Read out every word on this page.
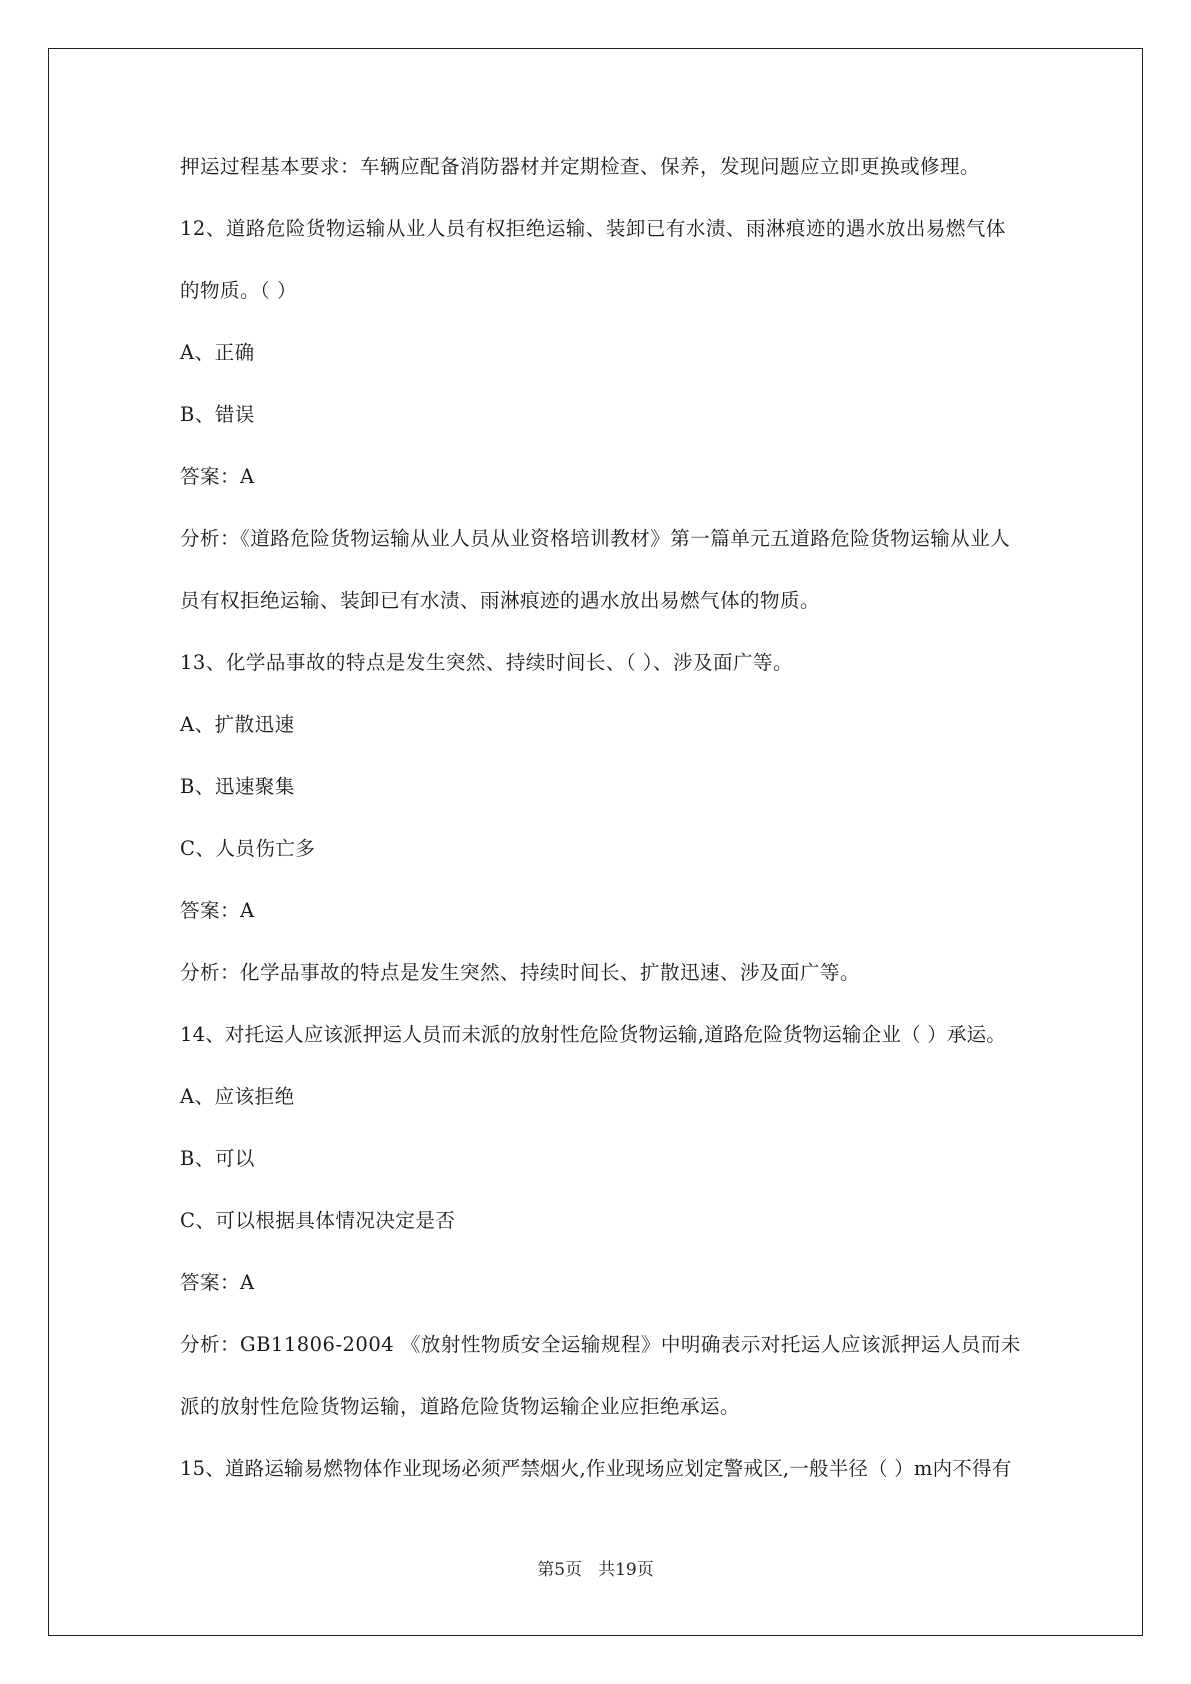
押运过程基本要求：车辆应配备消防器材并定期检查、保养，发现问题应立即更换或修理。
12、道路危险货物运输从业人员有权拒绝运输、装卸已有水渍、雨淋痕迹的遇水放出易燃气体
的物质。（ ）
A、正确
B、错误
答案：A
分析：《道路危险货物运输从业人员从业资格培训教材》第一篇单元五道路危险货物运输从业人
员有权拒绝运输、装卸已有水渍、雨淋痕迹的遇水放出易燃气体的物质。
13、化学品事故的特点是发生突然、持续时间长、（ ）、涉及面广等。
A、扩散迅速
B、迅速聚集
C、人员伤亡多
答案：A
分析：化学品事故的特点是发生突然、持续时间长、扩散迅速、涉及面广等。
14、对托运人应该派押运人员而未派的放射性危险货物运输,道路危险货物运输企业（ ）承运。
A、应该拒绝
B、可以
C、可以根据具体情况决定是否
答案：A
分析：GB11806-2004 《放射性物质安全运输规程》中明确表示对托运人应该派押运人员而未
派的放射性危险货物运输，道路危险货物运输企业应拒绝承运。
15、道路运输易燃物体作业现场必须严禁烟火,作业现场应划定警戒区,一般半径（ ）m内不得有
第5页 共19页
